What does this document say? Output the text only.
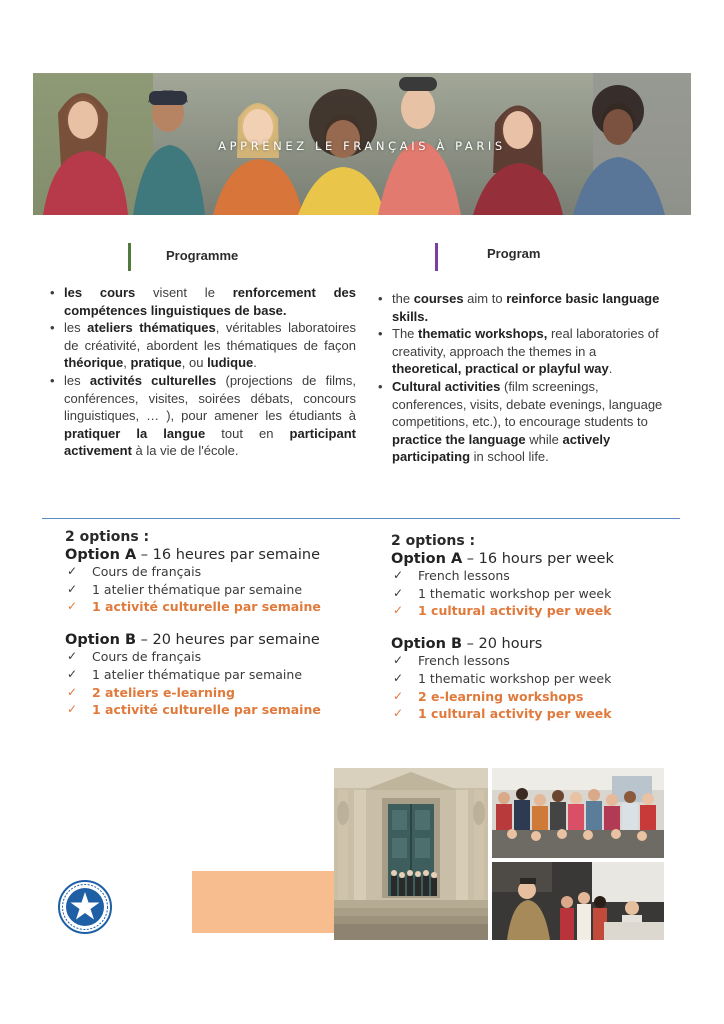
APPRENEZ LE FRANÇAIS À PARIS
Programme	Program
• les cours visent le renforcement des compétences linguistiques de base.
• les ateliers thématiques, véritables laboratoires de créativité, abordent les thématiques de façon théorique, pratique, ou ludique.
• les activités culturelles (projections de films, conférences, visites, soirées débats, concours linguistiques, … ), pour amener les étudiants à pratiquer la langue tout en participant activement à la vie de l'école.
• the courses aim to reinforce basic language skills.
• The thematic workshops, real laboratories of creativity, approach the themes in a theoretical, practical or playful way.
• Cultural activities (film screenings, conferences, visits, debate evenings, language competitions, etc.), to encourage students to practice the language while actively participating in school life.
2 options :
Option A – 16 heures par semaine
✓ Cours de français
✓ 1 atelier thématique par semaine
✓ 1 activité culturelle par semaine
Option B – 20 heures par semaine
✓ Cours de français
✓ 1 atelier thématique par semaine
✓ 2 ateliers e-learning
✓ 1 activité culturelle par semaine
2 options :
Option A – 16 hours per week
✓ French lessons
✓ 1 thematic workshop per week
✓ 1 cultural activity per week
Option B – 20 hours
✓ French lessons
✓ 1 thematic workshop per week
✓ 2 e-learning workshops
✓ 1 cultural activity per week
